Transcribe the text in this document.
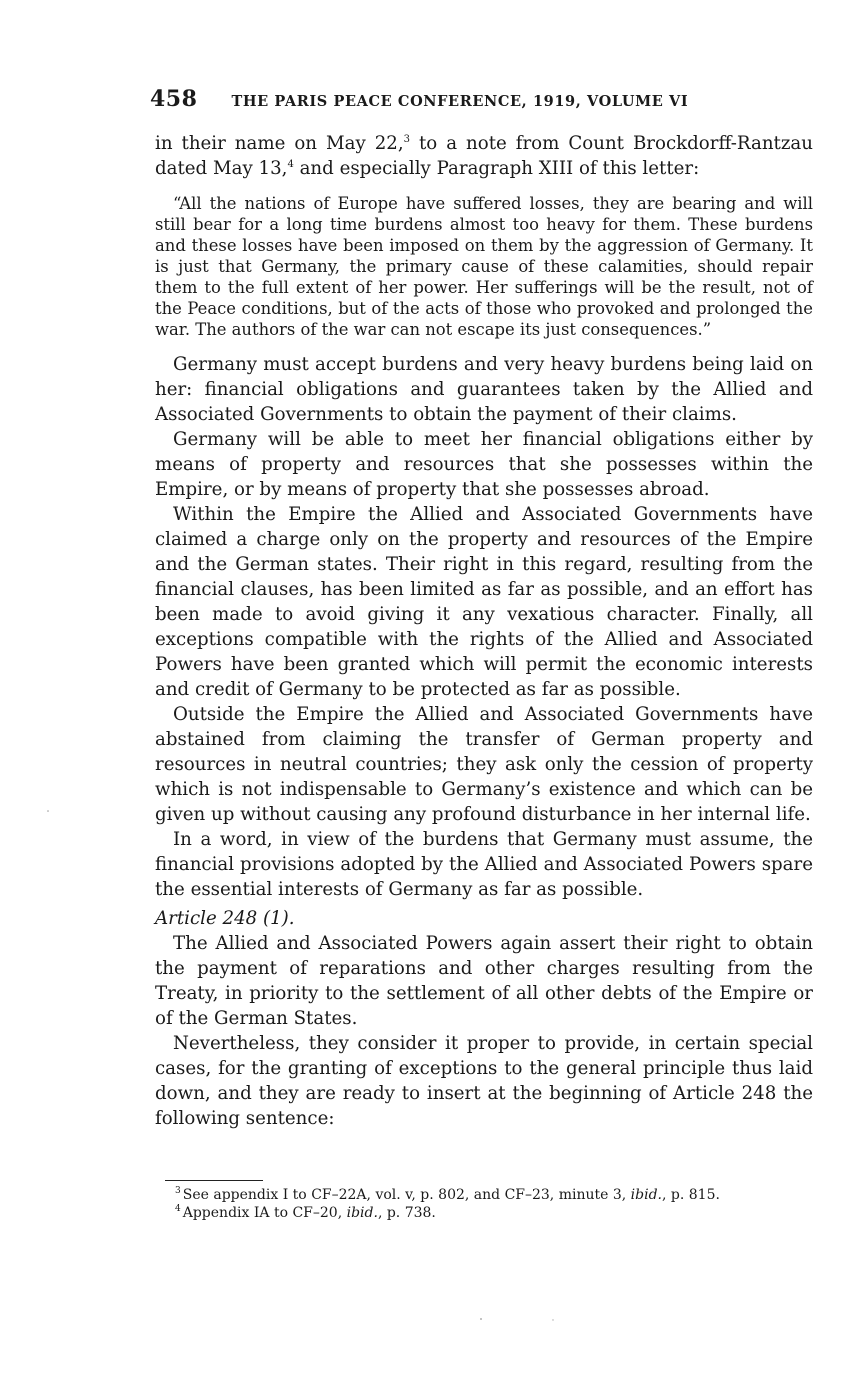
458 THE PARIS PEACE CONFERENCE, 1919, VOLUME VI

in their name on May 22,$^3$ to a note from Count Brockdorff-Rantzau dated May 13,$^4$ and especially Paragraph XIII of this letter:

“All the nations of Europe have suffered losses, they are bearing and will still bear for a long time burdens almost too heavy for them. These burdens and these losses have been imposed on them by the aggression of Germany. It is just that Germany, the primary cause of these calamities, should repair them to the full extent of her power. Her sufferings will be the result, not of the Peace conditions, but of the acts of those who provoked and prolonged the war. The authors of the war can not escape its just consequences.”

Germany must accept burdens and very heavy burdens being laid on her: financial obligations and guarantees taken by the Allied and Associated Governments to obtain the payment of their claims.

Germany will be able to meet her financial obligations either by means of property and resources that she possesses within the Empire, or by means of property that she possesses abroad.

Within the Empire the Allied and Associated Governments have claimed a charge only on the property and resources of the Empire and the German states. Their right in this regard, resulting from the financial clauses, has been limited as far as possible, and an effort has been made to avoid giving it any vexatious character. Finally, all exceptions compatible with the rights of the Allied and Associated Powers have been granted which will permit the economic interests and credit of Germany to be protected as far as possible.

Outside the Empire the Allied and Associated Governments have abstained from claiming the transfer of German property and resources in neutral countries; they ask only the cession of property which is not indispensable to Germany’s existence and which can be given up without causing any profound disturbance in her internal life.

In a word, in view of the burdens that Germany must assume, the financial provisions adopted by the Allied and Associated Powers spare the essential interests of Germany as far as possible.

Article 248 (1).

The Allied and Associated Powers again assert their right to obtain the payment of reparations and other charges resulting from the Treaty, in priority to the settlement of all other debts of the Empire or of the German States.

Nevertheless, they consider it proper to provide, in certain special cases, for the granting of exceptions to the general principle thus laid down, and they are ready to insert at the beginning of Article 248 the following sentence:

$^3$ See appendix I to CF–22A, vol. v, p. 802, and CF–23, minute 3, ibid., p. 815.
$^4$ Appendix IA to CF–20, ibid., p. 738.
